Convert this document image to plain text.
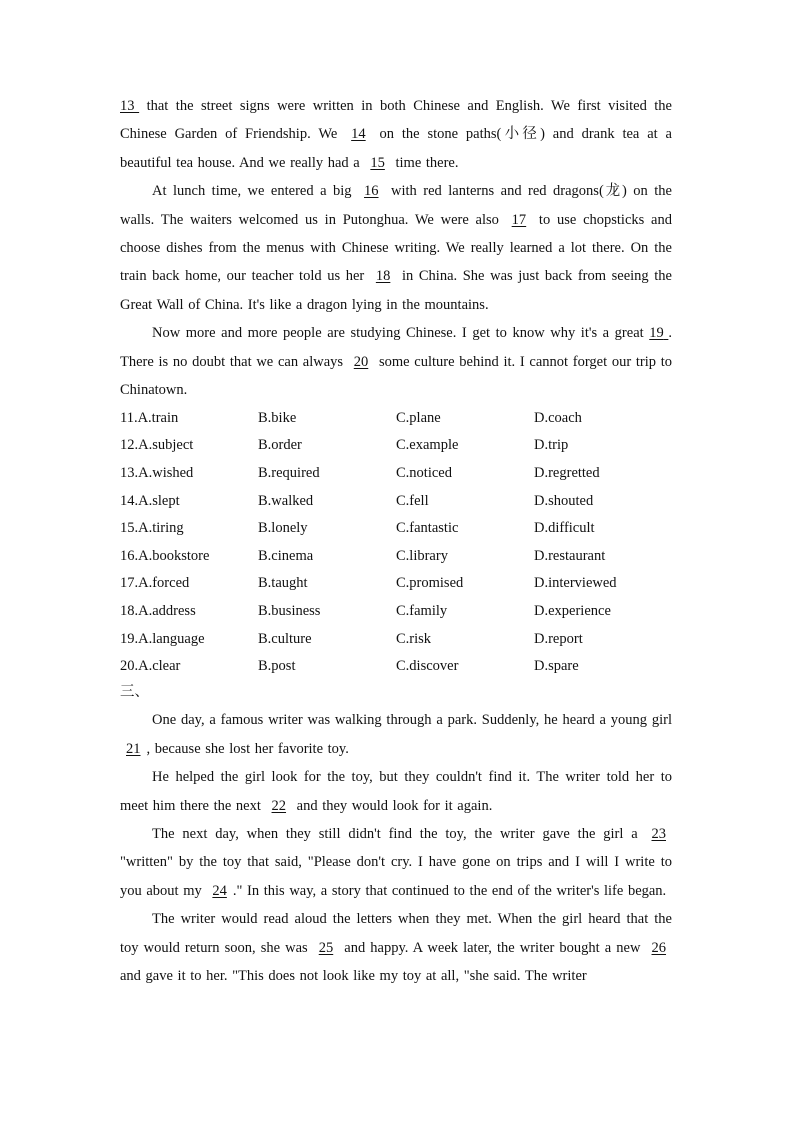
13  that the street signs were written in both Chinese and English. We first visited the Chinese Garden of Friendship. We 14 on the stone paths(小径) and drank tea at a beautiful tea house. And we really had a 15 time there.

At lunch time, we entered a big 16 with red lanterns and red dragons(龙) on the walls. The waiters welcomed us in Putonghua. We were also 17 to use chopsticks and choose dishes from the menus with Chinese writing. We really learned a lot there. On the train back home, our teacher told us her 18 in China. She was just back from seeing the Great Wall of China. It's like a dragon lying in the mountains.

Now more and more people are studying Chinese. I get to know why it's a great 19 . There is no doubt that we can always 20 some culture behind it. I cannot forget our trip to Chinatown.

11.A.train	B.bike	C.plane	D.coach
12.A.subject	B.order	C.example	D.trip
13.A.wished	B.required	C.noticed	D.regretted
14.A.slept	B.walked	C.fell	D.shouted
15.A.tiring	B.lonely	C.fantastic	D.difficult
16.A.bookstore	B.cinema	C.library	D.restaurant
17.A.forced	B.taught	C.promised	D.interviewed
18.A.address	B.business	C.family	D.experience
19.A.language	B.culture	C.risk	D.report
20.A.clear	B.post	C.discover	D.spare
三、

One day, a famous writer was walking through a park. Suddenly, he heard a young girl 21 , because she lost her favorite toy.

He helped the girl look for the toy, but they couldn't find it. The writer told her to meet him there the next 22 and they would look for it again.

The next day, when they still didn't find the toy, the writer gave the girl a 23 "written" by the toy that said, "Please don't cry. I have gone on trips and I will I write to you about my 24 ." In this way, a story that continued to the end of the writer's life began.

The writer would read aloud the letters when they met. When the girl heard that the toy would return soon, she was 25 and happy. A week later, the writer bought a new 26 and gave it to her. "This does not look like my toy at all, "she said. The writer
